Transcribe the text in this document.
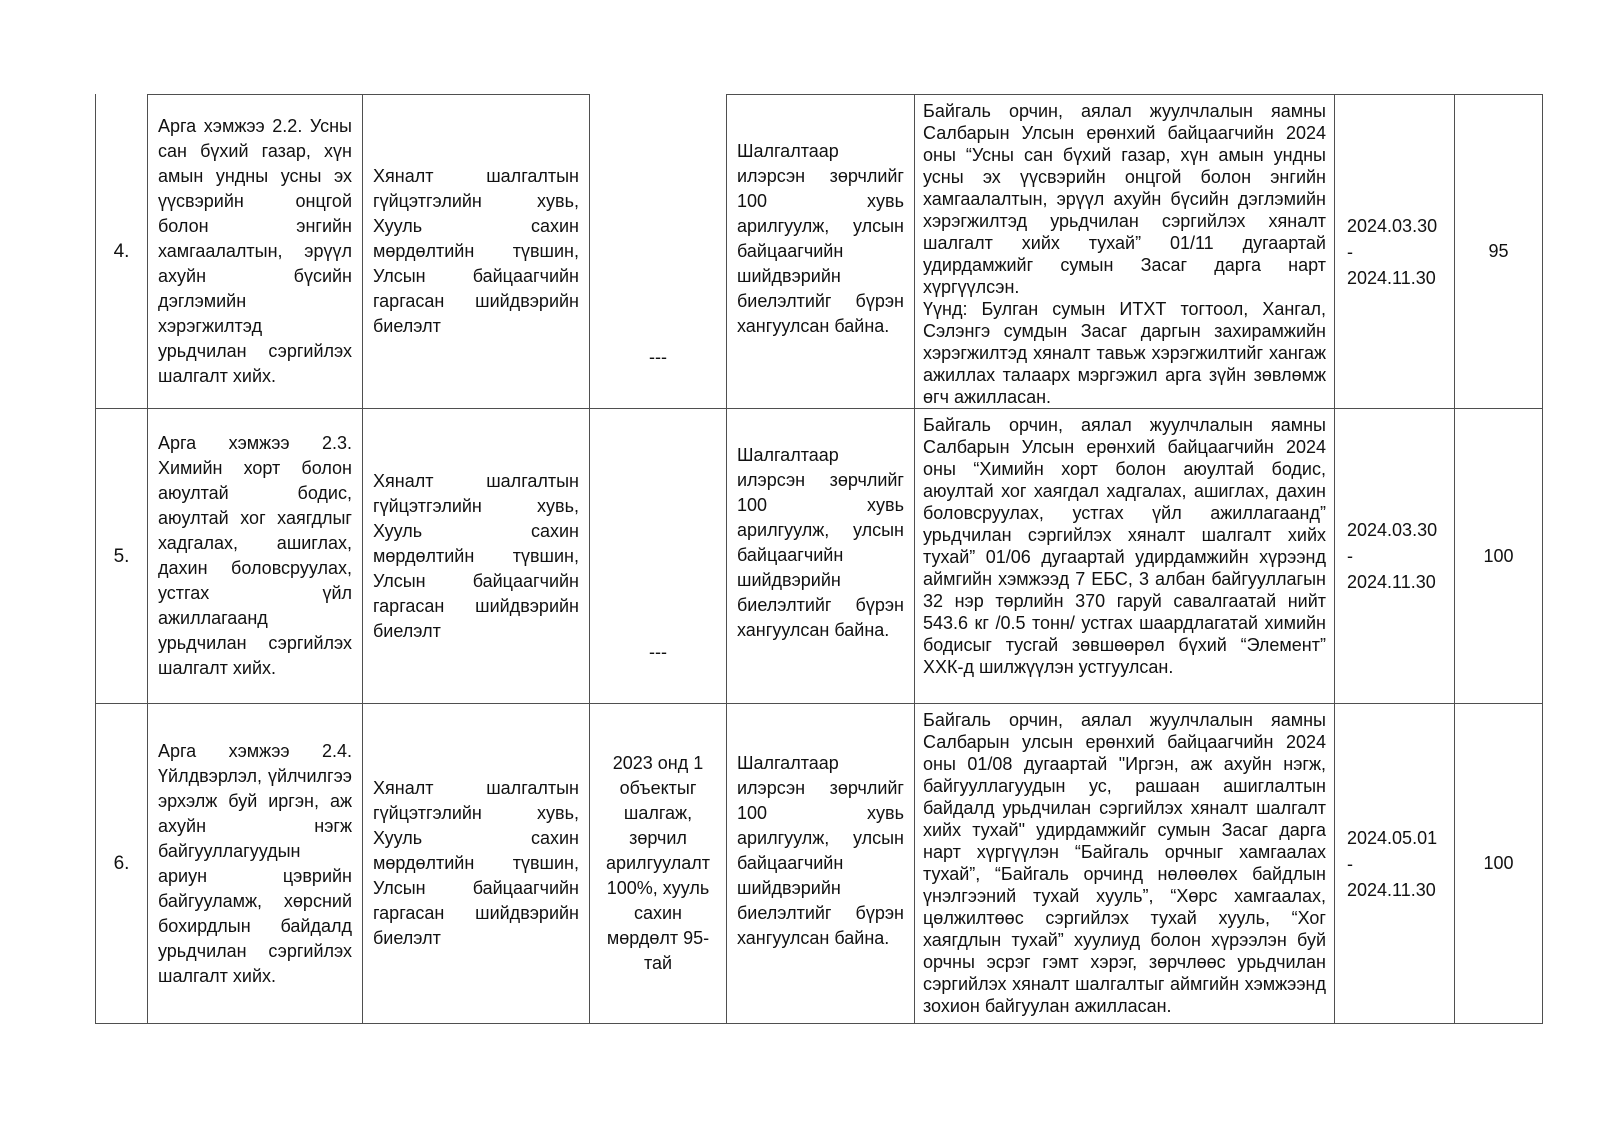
4.
Арга хэмжээ 2.2. Усны сан бүхий газар, хүн амын ундны усны эх үүсвэрийн онцгой болон энгийн хамгаалалтын, эрүүл ахуйн бүсийн дэглэмийн хэрэгжилтэд урьдчилан сэргийлэх шалгалт хийх.
Хяналт шалгалтын гүйцэтгэлийн хувь, Хууль сахин мөрдөлтийн түвшин, Улсын байцаагчийн гаргасан шийдвэрийн биелэлт
---
Шалгалтаар илэрсэн зөрчлийг 100 хувь арилгуулж, улсын байцаагчийн шийдвэрийн биелэлтийг бүрэн хангуулсан байна.
Байгаль орчин, аялал жуулчлалын яамны Салбарын Улсын ерөнхий байцаагчийн 2024 оны “Усны сан бүхий газар, хүн амын ундны усны эх үүсвэрийн онцгой болон энгийн хамгаалалтын, эрүүл ахуйн бүсийн дэглэмийн хэрэгжилтэд урьдчилан сэргийлэх хяналт шалгалт хийх тухай” 01/11 дугаартай удирдамжийг сумын Засаг дарга нарт хүргүүлсэн.
Үүнд: Булган сумын ИТХТ тогтоол, Хангал, Сэлэнгэ сумдын Засаг даргын захирамжийн хэрэгжилтэд хяналт тавьж хэрэгжилтийг хангаж ажиллах талаарх мэргэжил арга зүйн зөвлөмж өгч ажилласан.
2024.03.30
-
2024.11.30
95
5.
Арга хэмжээ 2.3. Химийн хорт болон аюултай бодис, аюултай хог хаягдлыг хадгалах, ашиглах, дахин боловсруулах, устгах үйл ажиллагаанд урьдчилан сэргийлэх шалгалт хийх.
Хяналт шалгалтын гүйцэтгэлийн хувь, Хууль сахин мөрдөлтийн түвшин, Улсын байцаагчийн гаргасан шийдвэрийн биелэлт
---
Шалгалтаар илэрсэн зөрчлийг 100 хувь арилгуулж, улсын байцаагчийн шийдвэрийн биелэлтийг бүрэн хангуулсан байна.
Байгаль орчин, аялал жуулчлалын яамны Салбарын Улсын ерөнхий байцаагчийн 2024 оны “Химийн хорт болон аюултай бодис, аюултай хог хаягдал хадгалах, ашиглах, дахин боловсруулах, устгах үйл ажиллагаанд” урьдчилан сэргийлэх хяналт шалгалт хийх тухай” 01/06 дугаартай удирдамжийн хүрээнд аймгийн хэмжээд 7 ЕБС, 3 албан байгууллагын 32 нэр төрлийн 370 гаруй савалгаатай нийт 543.6 кг /0.5 тонн/ устгах шаардлагатай химийн бодисыг тусгай зөвшөөрөл бүхий “Элемент” ХХК-д шилжүүлэн устгуулсан.
2024.03.30
-
2024.11.30
100
6.
Арга хэмжээ 2.4. Үйлдвэрлэл, үйлчилгээ эрхэлж буй иргэн, аж ахуйн нэгж байгууллагуудын ариун цэврийн байгууламж, хөрсний бохирдлын байдалд урьдчилан сэргийлэх шалгалт хийх.
Хяналт шалгалтын гүйцэтгэлийн хувь, Хууль сахин мөрдөлтийн түвшин, Улсын байцаагчийн гаргасан шийдвэрийн биелэлт
2023 онд 1 объектыг шалгаж, зөрчил арилгуулалт 100%, хууль сахин мөрдөлт 95-тай
Шалгалтаар илэрсэн зөрчлийг 100 хувь арилгуулж, улсын байцаагчийн шийдвэрийн биелэлтийг бүрэн хангуулсан байна.
Байгаль орчин, аялал жуулчлалын яамны Салбарын улсын ерөнхий байцаагчийн 2024 оны 01/08 дугаартай "Иргэн, аж ахуйн нэгж, байгууллагуудын ус, рашаан ашиглалтын байдалд урьдчилан сэргийлэх хяналт шалгалт хийх тухай" удирдамжийг сумын Засаг дарга нарт хүргүүлэн “Байгаль орчныг хамгаалах тухай”, “Байгаль орчинд нөлөөлөх байдлын үнэлгээний тухай хууль”, “Хөрс хамгаалах, цөлжилтөөс сэргийлэх тухай хууль, “Хог хаягдлын тухай” хуулиуд болон хүрээлэн буй орчны эсрэг гэмт хэрэг, зөрчлөөс урьдчилан сэргийлэх хяналт шалгалтыг аймгийн хэмжээнд зохион байгуулан ажилласан.
2024.05.01
-
2024.11.30
100
